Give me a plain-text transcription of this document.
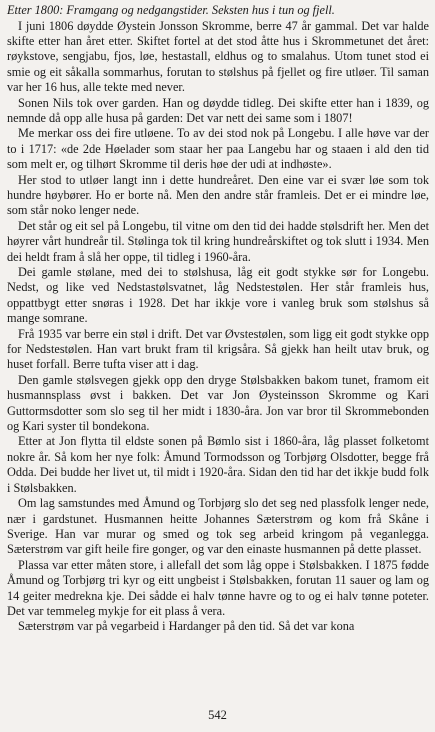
Etter 1800: Framgang og nedgangstider. Seksten hus i tun og fjell.

I juni 1806 døydde Øystein Jonsson Skromme, berre 47 år gammal. Det var halde skifte etter han året etter. Skiftet fortel at det stod åtte hus i Skrommetunet det året: røykstove, sengjabu, fjos, løe, hestastall, eldhus og to smalahus. Utom tunet stod ei smie og eit såkalla sommarhus, forutan to stølshus på fjellet og fire utløer. Til saman var her 16 hus, alle tekte med never.

Sonen Nils tok over garden. Han og døydde tidleg. Dei skifte etter han i 1839, og nemnde då opp alle husa på garden: Det var nett dei same som i 1807!

Me merkar oss dei fire utløene. To av dei stod nok på Longebu. I alle høve var der to i 1717: «de 2de Høelader som staar her paa Langebu har og staaen i ald den tid som melt er, og tilhørt Skromme til deris høe der udi at indhøste».

Her stod to utløer langt inn i dette hundreåret. Den eine var ei svær løe som tok hundre høybører. Ho er borte nå. Men den andre står framleis. Det er ei mindre løe, som står noko lenger nede.

Det står og eit sel på Longebu, til vitne om den tid dei hadde stølsdrift her. Men det høyrer vårt hundreår til. Stølinga tok til kring hundreårskiftet og tok slutt i 1934. Men dei heldt fram å slå her oppe, til tidleg i 1960-åra.

Dei gamle stølane, med dei to stølshusa, låg eit godt stykke sør for Longebu. Nedst, og like ved Nedstastølsvatnet, låg Nedstestølen. Her står framleis hus, oppattbygt etter snøras i 1928. Det har ikkje vore i vanleg bruk som stølshus så mange somrane.

Frå 1935 var berre ein støl i drift. Det var Øvstestølen, som ligg eit godt stykke opp for Nedstestølen. Han vart brukt fram til krigsåra. Så gjekk han heilt utav bruk, og huset forfall. Berre tufta viser att i dag.

Den gamle stølsvegen gjekk opp den dryge Stølsbakken bakom tunet, framom eit husmannsplass øvst i bakken. Det var Jon Øysteinsson Skromme og Kari Guttormsdotter som slo seg til her midt i 1830-åra. Jon var bror til Skrommebonden og Kari syster til bondekona.

Etter at Jon flytta til eldste sonen på Bømlo sist i 1860-åra, låg plasset folketomt nokre år. Så kom her nye folk: Åmund Tormodsson og Torbjørg Olsdotter, begge frå Odda. Dei budde her livet ut, til midt i 1920-åra. Sidan den tid har det ikkje budd folk i Stølsbakken.

Om lag samstundes med Åmund og Torbjørg slo det seg ned plassfolk lenger nede, nær i gardstunet. Husmannen heitte Johannes Sæterstrøm og kom frå Skåne i Sverige. Han var murar og smed og tok seg arbeid kringom på veganlegga. Sæterstrøm var gift heile fire gonger, og var den einaste husmannen på dette plasset.

Plassa var etter måten store, i allefall det som låg oppe i Stølsbakken. I 1875 fødde Åmund og Torbjørg tri kyr og eitt ungbeist i Stølsbakken, forutan 11 sauer og lam og 14 geiter medrekna kje. Dei sådde ei halv tønne havre og to og ei halv tønne poteter. Det var temmeleg mykje for eit plass å vera.

Sæterstrøm var på vegarbeid i Hardanger på den tid. Så det var kona

542
